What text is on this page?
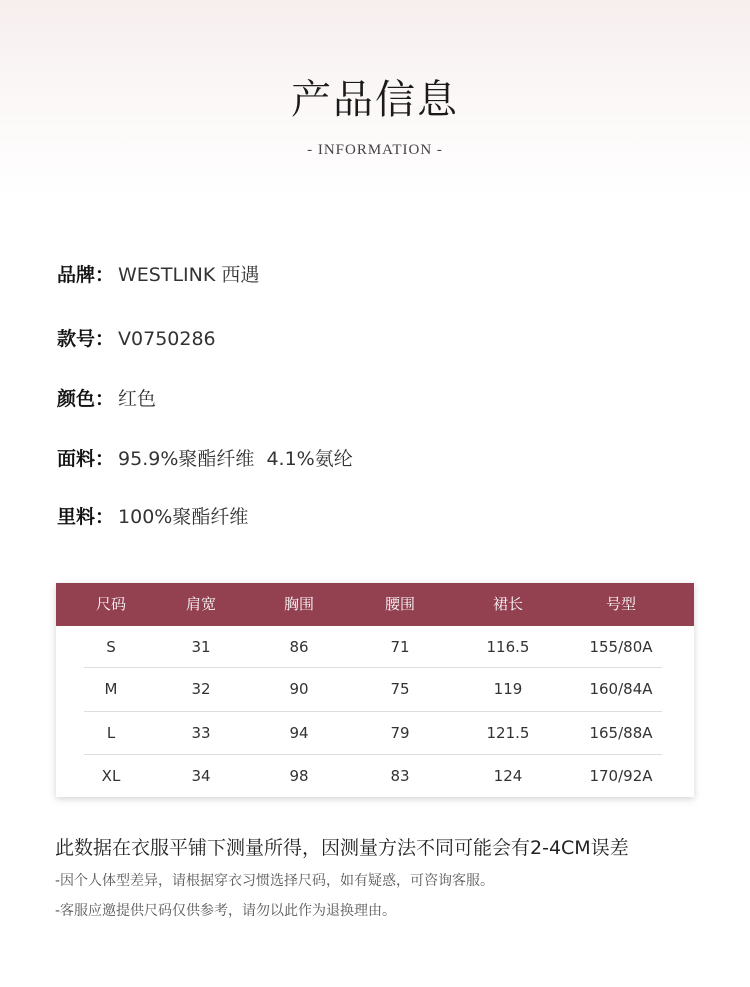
产品信息
- INFORMATION -
品牌： WESTLINK 西遇
款号： V0750286
颜色： 红色
面料： 95.9%聚酯纤维  4.1%氨纶
里料： 100%聚酯纤维
尺码	肩宽	胸围	腰围	裙长	号型
S	31	86	71	116.5	155/80A
M	32	90	75	119	160/84A
L	33	94	79	121.5	165/88A
XL	34	98	83	124	170/92A
此数据在衣服平铺下测量所得，因测量方法不同可能会有2-4CM误差
-因个人体型差异，请根据穿衣习惯选择尺码，如有疑惑，可咨询客服。
-客服应邀提供尺码仅供参考，请勿以此作为退换理由。
